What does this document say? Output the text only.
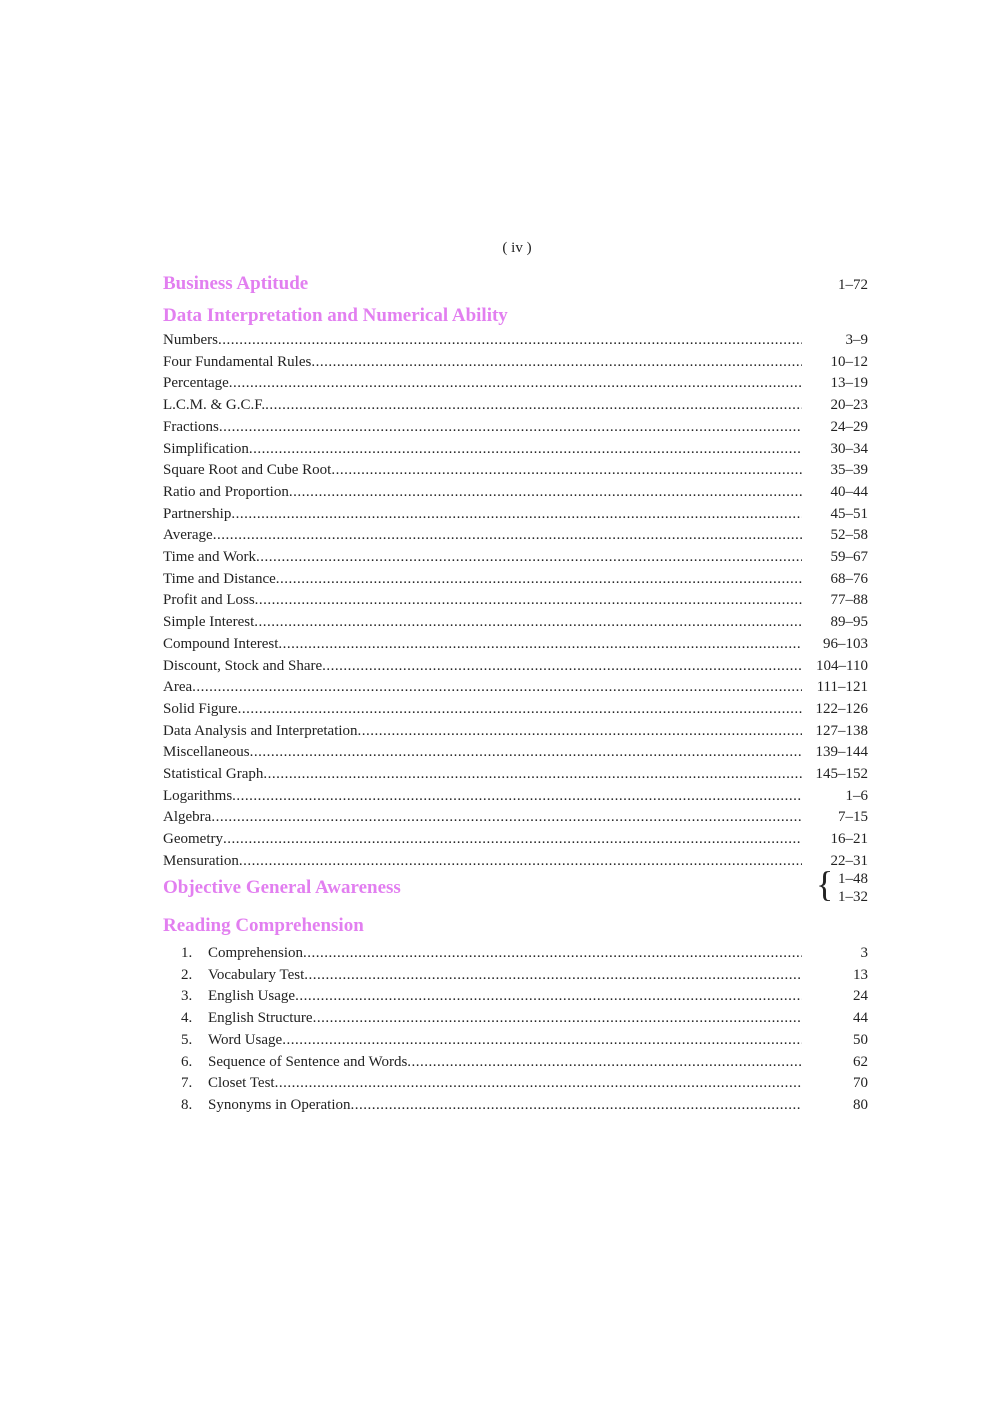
( iv )
Business Aptitude	1–72
Data Interpretation and Numerical Ability
Numbers .....	3–9
Four Fundamental Rules .....	10–12
Percentage .....	13–19
L.C.M. & G.C.F. .....	20–23
Fractions .....	24–29
Simplification .....	30–34
Square Root and Cube Root .....	35–39
Ratio and Proportion .....	40–44
Partnership .....	45–51
Average .....	52–58
Time and Work .....	59–67
Time and Distance .....	68–76
Profit and Loss .....	77–88
Simple Interest .....	89–95
Compound Interest .....	96–103
Discount, Stock and Share .....	104–110
Area .....	111–121
Solid Figure .....	122–126
Data Analysis and Interpretation .....	127–138
Miscellaneous .....	139–144
Statistical Graph .....	145–152
Logarithms .....	1–6
Algebra .....	7–15
Geometry .....	16–21
Mensuration .....	22–31
Objective General Awareness	{ 1–48
1–32
Reading Comprehension
1.	Comprehension .....	3
2.	Vocabulary Test .....	13
3.	English Usage .....	24
4.	English Structure .....	44
5.	Word Usage .....	50
6.	Sequence of Sentence and Words .....	62
7.	Closet Test .....	70
8.	Synonyms in Operation .....	80
